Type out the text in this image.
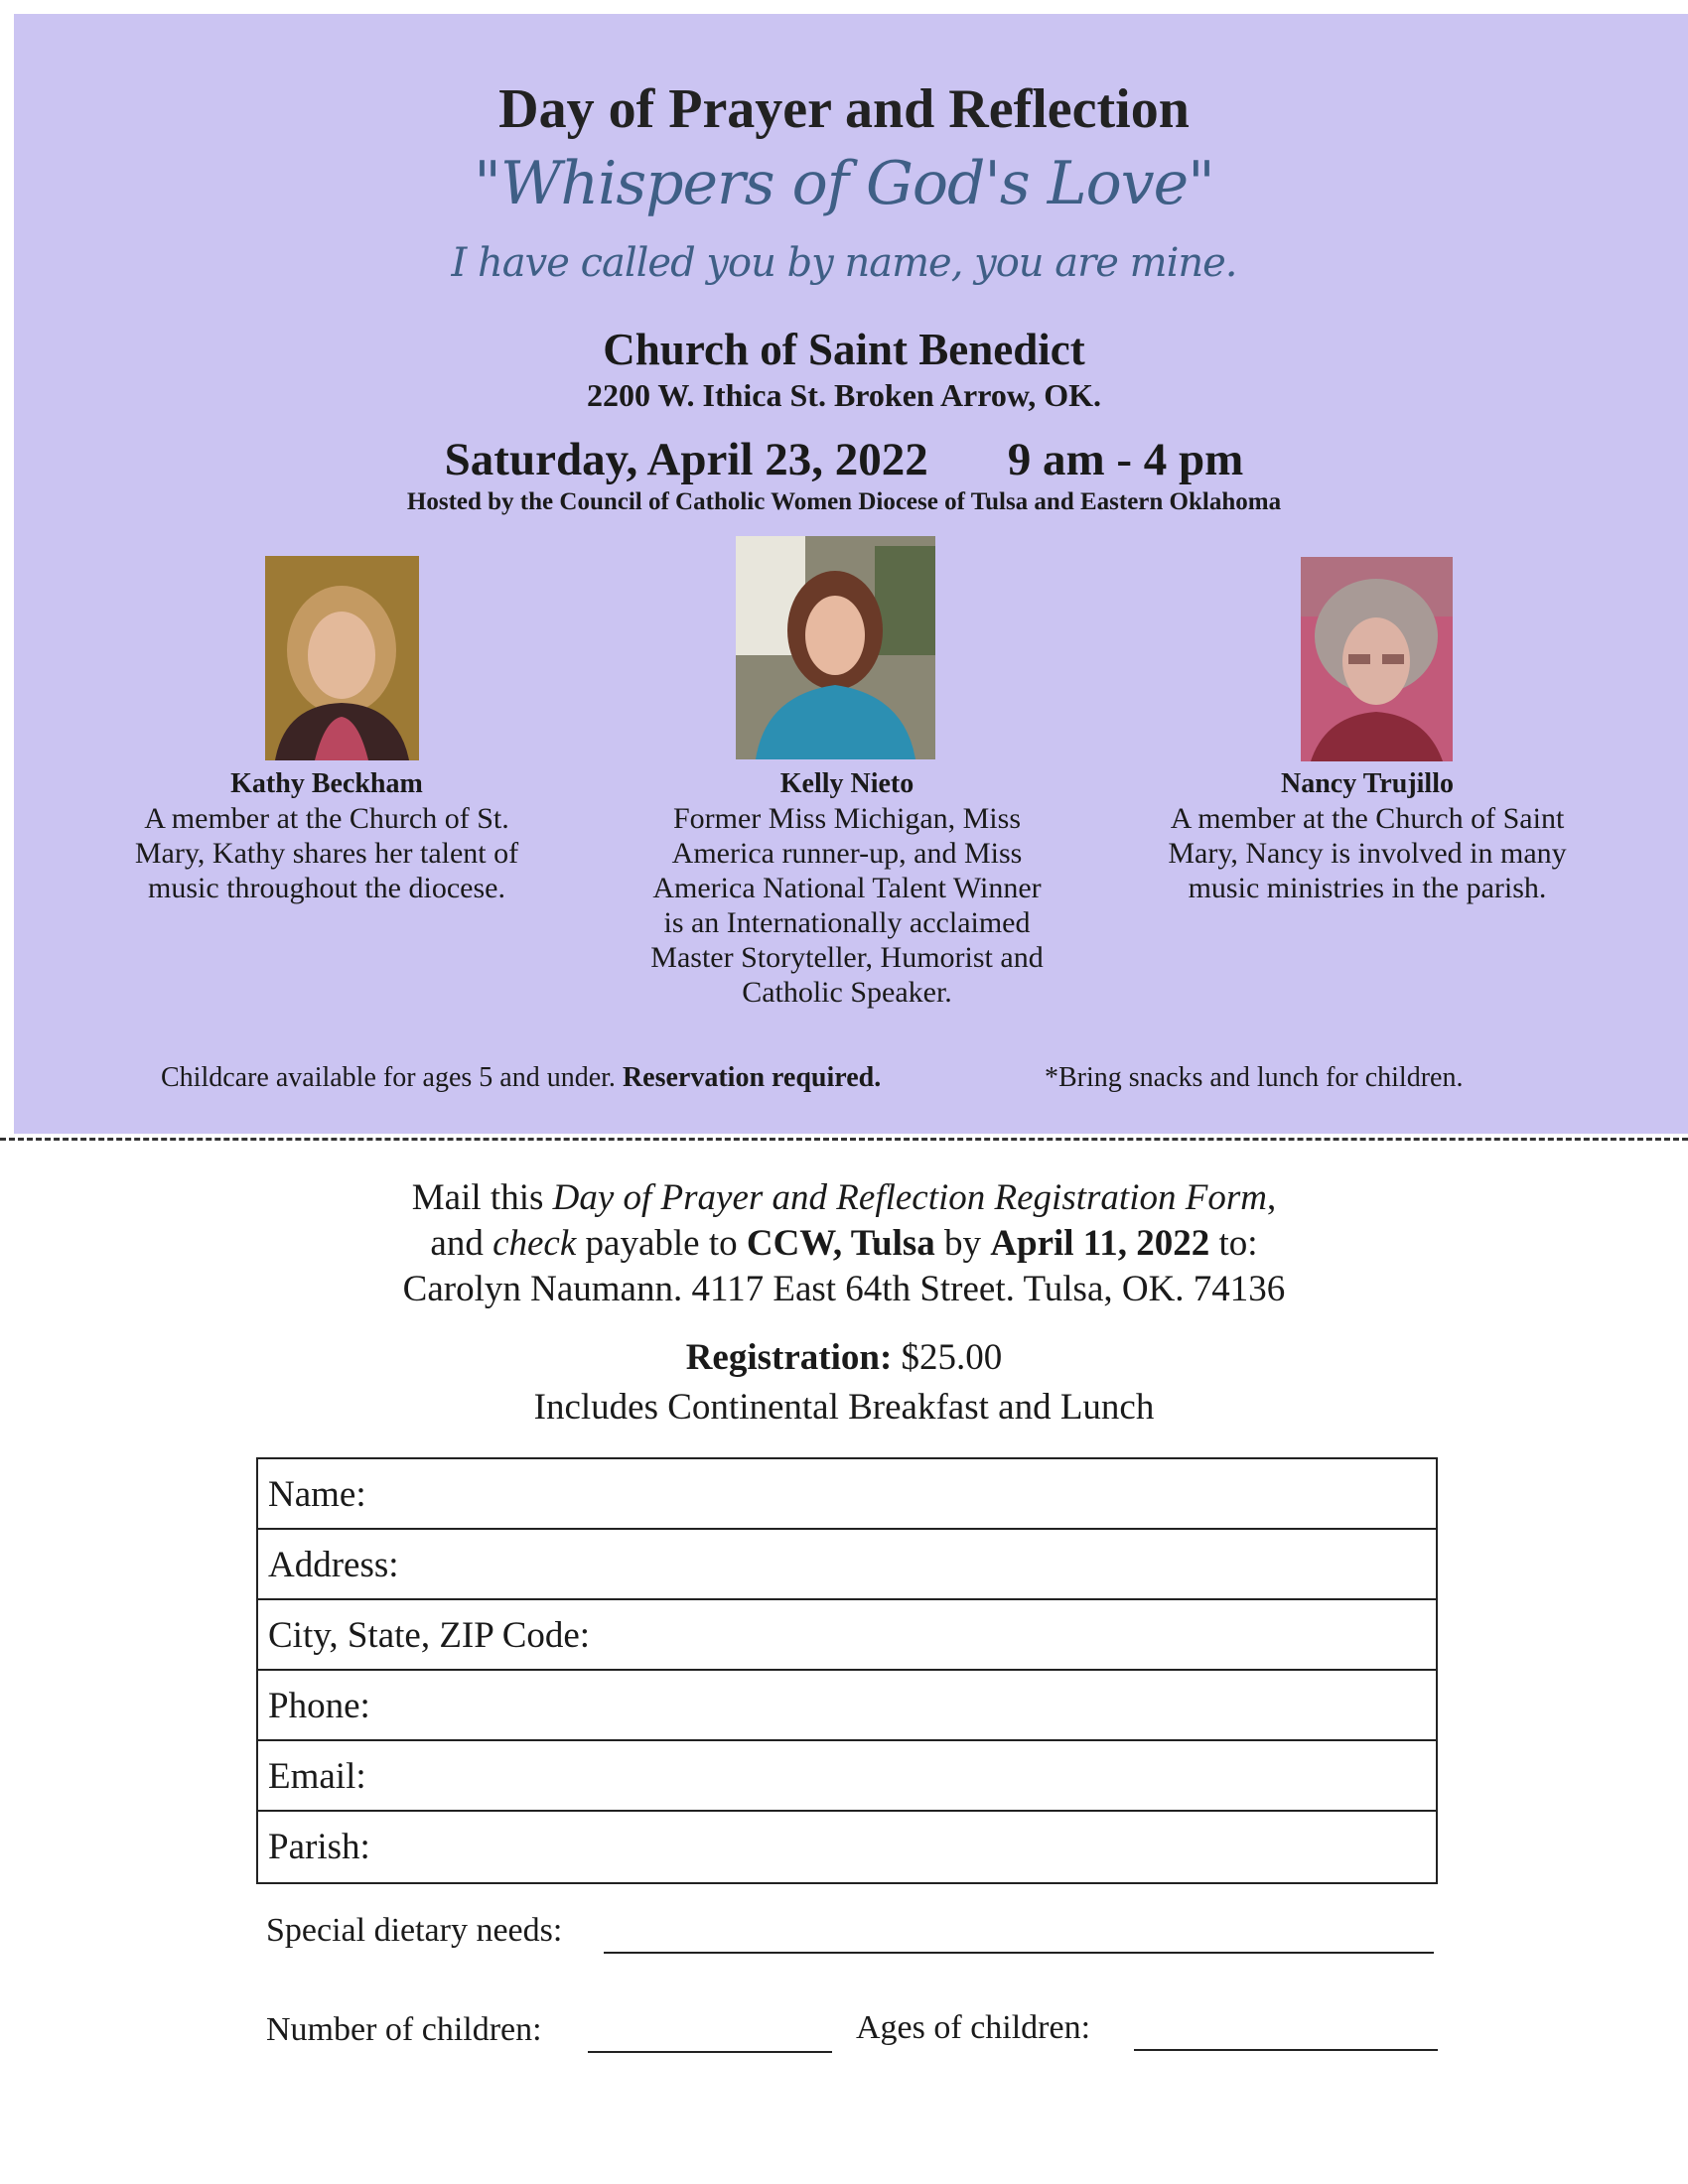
Day of Prayer and Reflection
"Whispers of God's Love"
I have called you by name, you are mine.
Church of Saint Benedict
2200 W. Ithica St. Broken Arrow, OK.
Saturday, April 23, 2022 9 am - 4 pm
Hosted by the Council of Catholic Women Diocese of Tulsa and Eastern Oklahoma
Kathy Beckham
A member at the Church of St. Mary, Kathy shares her talent of music throughout the diocese.
Kelly Nieto
Former Miss Michigan, Miss America runner-up, and Miss America National Talent Winner is an Internationally acclaimed Master Storyteller, Humorist and Catholic Speaker.
Nancy Trujillo
A member at the Church of Saint Mary, Nancy is involved in many music ministries in the parish.
Childcare available for ages 5 and under. Reservation required.	*Bring snacks and lunch for children.
Mail this Day of Prayer and Reflection Registration Form,
and check payable to CCW, Tulsa by April 11, 2022 to:
Carolyn Naumann. 4117 East 64th Street. Tulsa, OK. 74136
Registration: $25.00
Includes Continental Breakfast and Lunch
Name:
Address:
City, State, ZIP Code:
Phone:
Email:
Parish:
Special dietary needs:
Number of children:	Ages of children:
